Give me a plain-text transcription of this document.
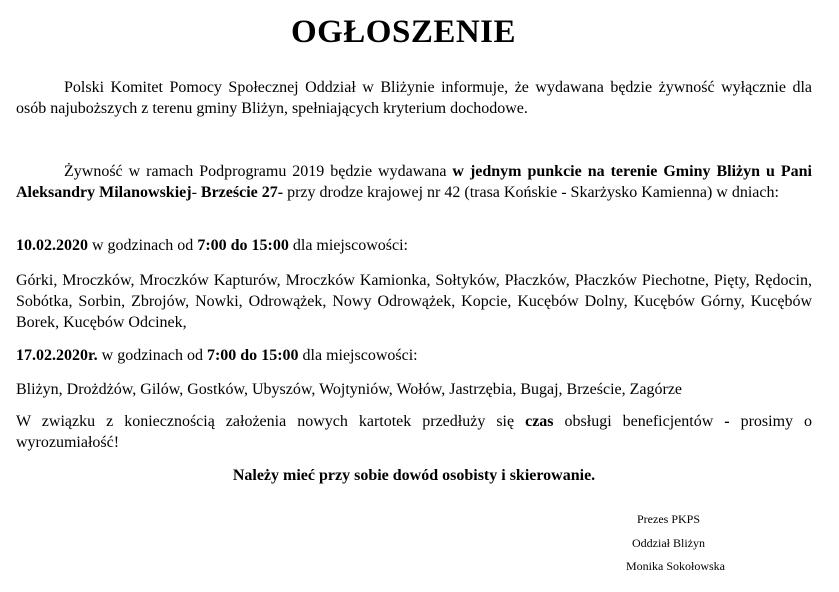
OGŁOSZENIE

Polski Komitet Pomocy Społecznej Oddział w Bliżynie informuje, że wydawana będzie żywność wyłącznie dla osób najuboższych z terenu gminy Bliżyn, spełniających kryterium dochodowe.

Żywność w ramach Podprogramu 2019 będzie wydawana w jednym punkcie na terenie Gminy Bliżyn u Pani Aleksandry Milanowskiej- Brzeście 27- przy drodze krajowej nr 42 (trasa Końskie - Skarżysko Kamienna) w dniach:

10.02.2020 w godzinach od 7:00 do 15:00 dla miejscowości:

Górki, Mroczków, Mroczków Kapturów, Mroczków Kamionka, Sołtyków, Płaczków, Płaczków Piechotne, Pięty, Rędocin, Sobótka, Sorbin, Zbrojów, Nowki, Odrowążek, Nowy Odrowążek, Kopcie, Kucębów Dolny, Kucębów Górny, Kucębów Borek, Kucębów Odcinek,

17.02.2020r. w godzinach od 7:00 do 15:00 dla miejscowości:

Bliżyn, Drożdżów, Gilów, Gostków, Ubyszów, Wojtyniów, Wołów, Jastrzębia, Bugaj, Brzeście, Zagórze

W związku z koniecznością założenia nowych kartotek przedłuży się czas obsługi beneficjentów - prosimy o wyrozumiałość!

Należy mieć przy sobie dowód osobisty i skierowanie.
Prezes PKPS
Oddział Bliżyn
Monika Sokołowska
